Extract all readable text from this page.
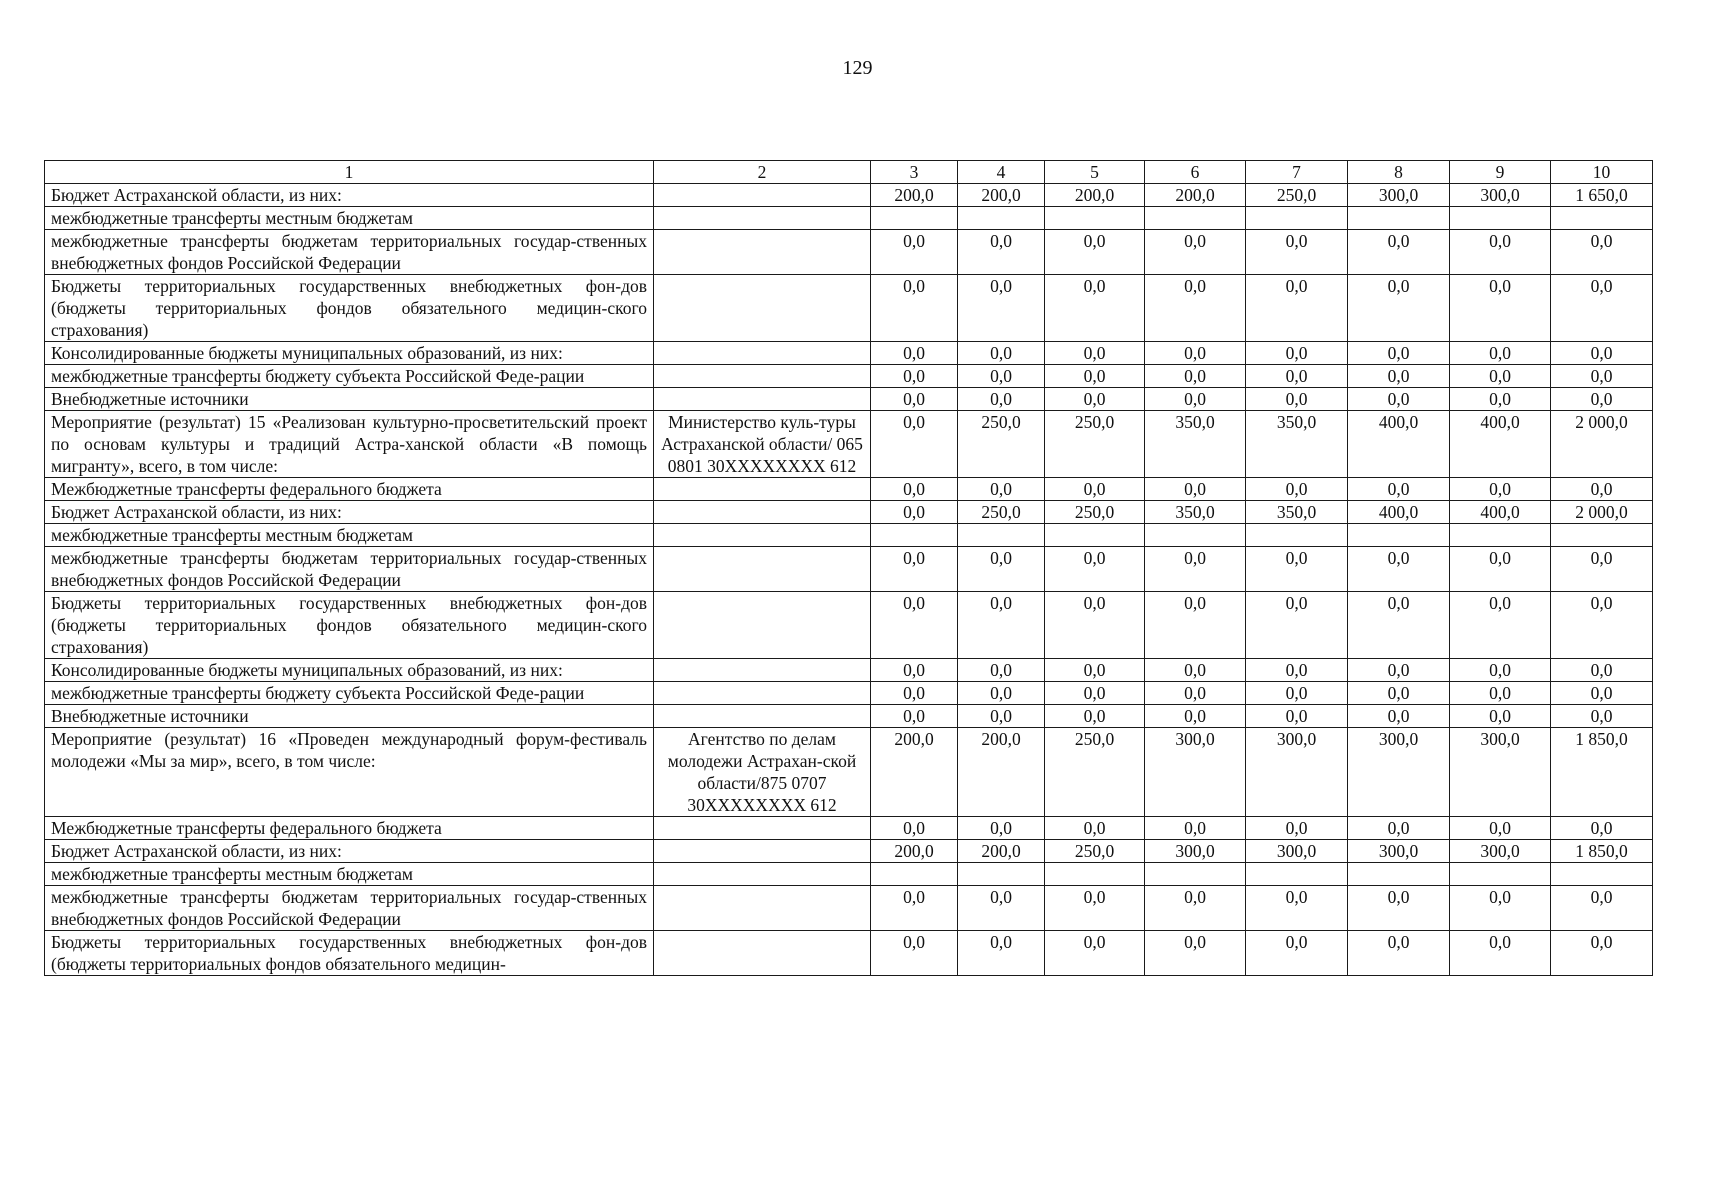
129
1	2	3	4	5	6	7	8	9	10
Бюджет Астраханской области, из них:		200,0	200,0	200,0	200,0	250,0	300,0	300,0	1 650,0
межбюджетные трансферты местным бюджетам									
межбюджетные трансферты бюджетам территориальных государ-ственных внебюджетных фондов Российской Федерации		0,0	0,0	0,0	0,0	0,0	0,0	0,0	0,0
Бюджеты территориальных государственных внебюджетных фон-дов (бюджеты территориальных фондов обязательного медицин-ского страхования)		0,0	0,0	0,0	0,0	0,0	0,0	0,0	0,0
Консолидированные бюджеты муниципальных образований, из них:		0,0	0,0	0,0	0,0	0,0	0,0	0,0	0,0
межбюджетные трансферты бюджету субъекта Российской Феде-рации		0,0	0,0	0,0	0,0	0,0	0,0	0,0	0,0
Внебюджетные источники		0,0	0,0	0,0	0,0	0,0	0,0	0,0	0,0
Мероприятие (результат) 15 «Реализован культурно-просветительский проект по основам культуры и традиций Астра-ханской области «В помощь мигранту», всего, в том числе:	Министерство куль-туры Астраханской области/ 065 0801 30XXXXXXXX 612	0,0	250,0	250,0	350,0	350,0	400,0	400,0	2 000,0
Межбюджетные трансферты федерального бюджета		0,0	0,0	0,0	0,0	0,0	0,0	0,0	0,0
Бюджет Астраханской области, из них:		0,0	250,0	250,0	350,0	350,0	400,0	400,0	2 000,0
межбюджетные трансферты местным бюджетам									
межбюджетные трансферты бюджетам территориальных государ-ственных внебюджетных фондов Российской Федерации		0,0	0,0	0,0	0,0	0,0	0,0	0,0	0,0
Бюджеты территориальных государственных внебюджетных фон-дов (бюджеты территориальных фондов обязательного медицин-ского страхования)		0,0	0,0	0,0	0,0	0,0	0,0	0,0	0,0
Консолидированные бюджеты муниципальных образований, из них:		0,0	0,0	0,0	0,0	0,0	0,0	0,0	0,0
межбюджетные трансферты бюджету субъекта Российской Феде-рации		0,0	0,0	0,0	0,0	0,0	0,0	0,0	0,0
Внебюджетные источники		0,0	0,0	0,0	0,0	0,0	0,0	0,0	0,0
Мероприятие (результат) 16 «Проведен международный форум-фестиваль молодежи «Мы за мир», всего, в том числе:	Агентство по делам молодежи Астрахан-ской области/875 0707 30XXXXXXXX 612	200,0	200,0	250,0	300,0	300,0	300,0	300,0	1 850,0
Межбюджетные трансферты федерального бюджета		0,0	0,0	0,0	0,0	0,0	0,0	0,0	0,0
Бюджет Астраханской области, из них:		200,0	200,0	250,0	300,0	300,0	300,0	300,0	1 850,0
межбюджетные трансферты местным бюджетам									
межбюджетные трансферты бюджетам территориальных государ-ственных внебюджетных фондов Российской Федерации		0,0	0,0	0,0	0,0	0,0	0,0	0,0	0,0
Бюджеты территориальных государственных внебюджетных фон-дов (бюджеты территориальных фондов обязательного медицин-		0,0	0,0	0,0	0,0	0,0	0,0	0,0	0,0
